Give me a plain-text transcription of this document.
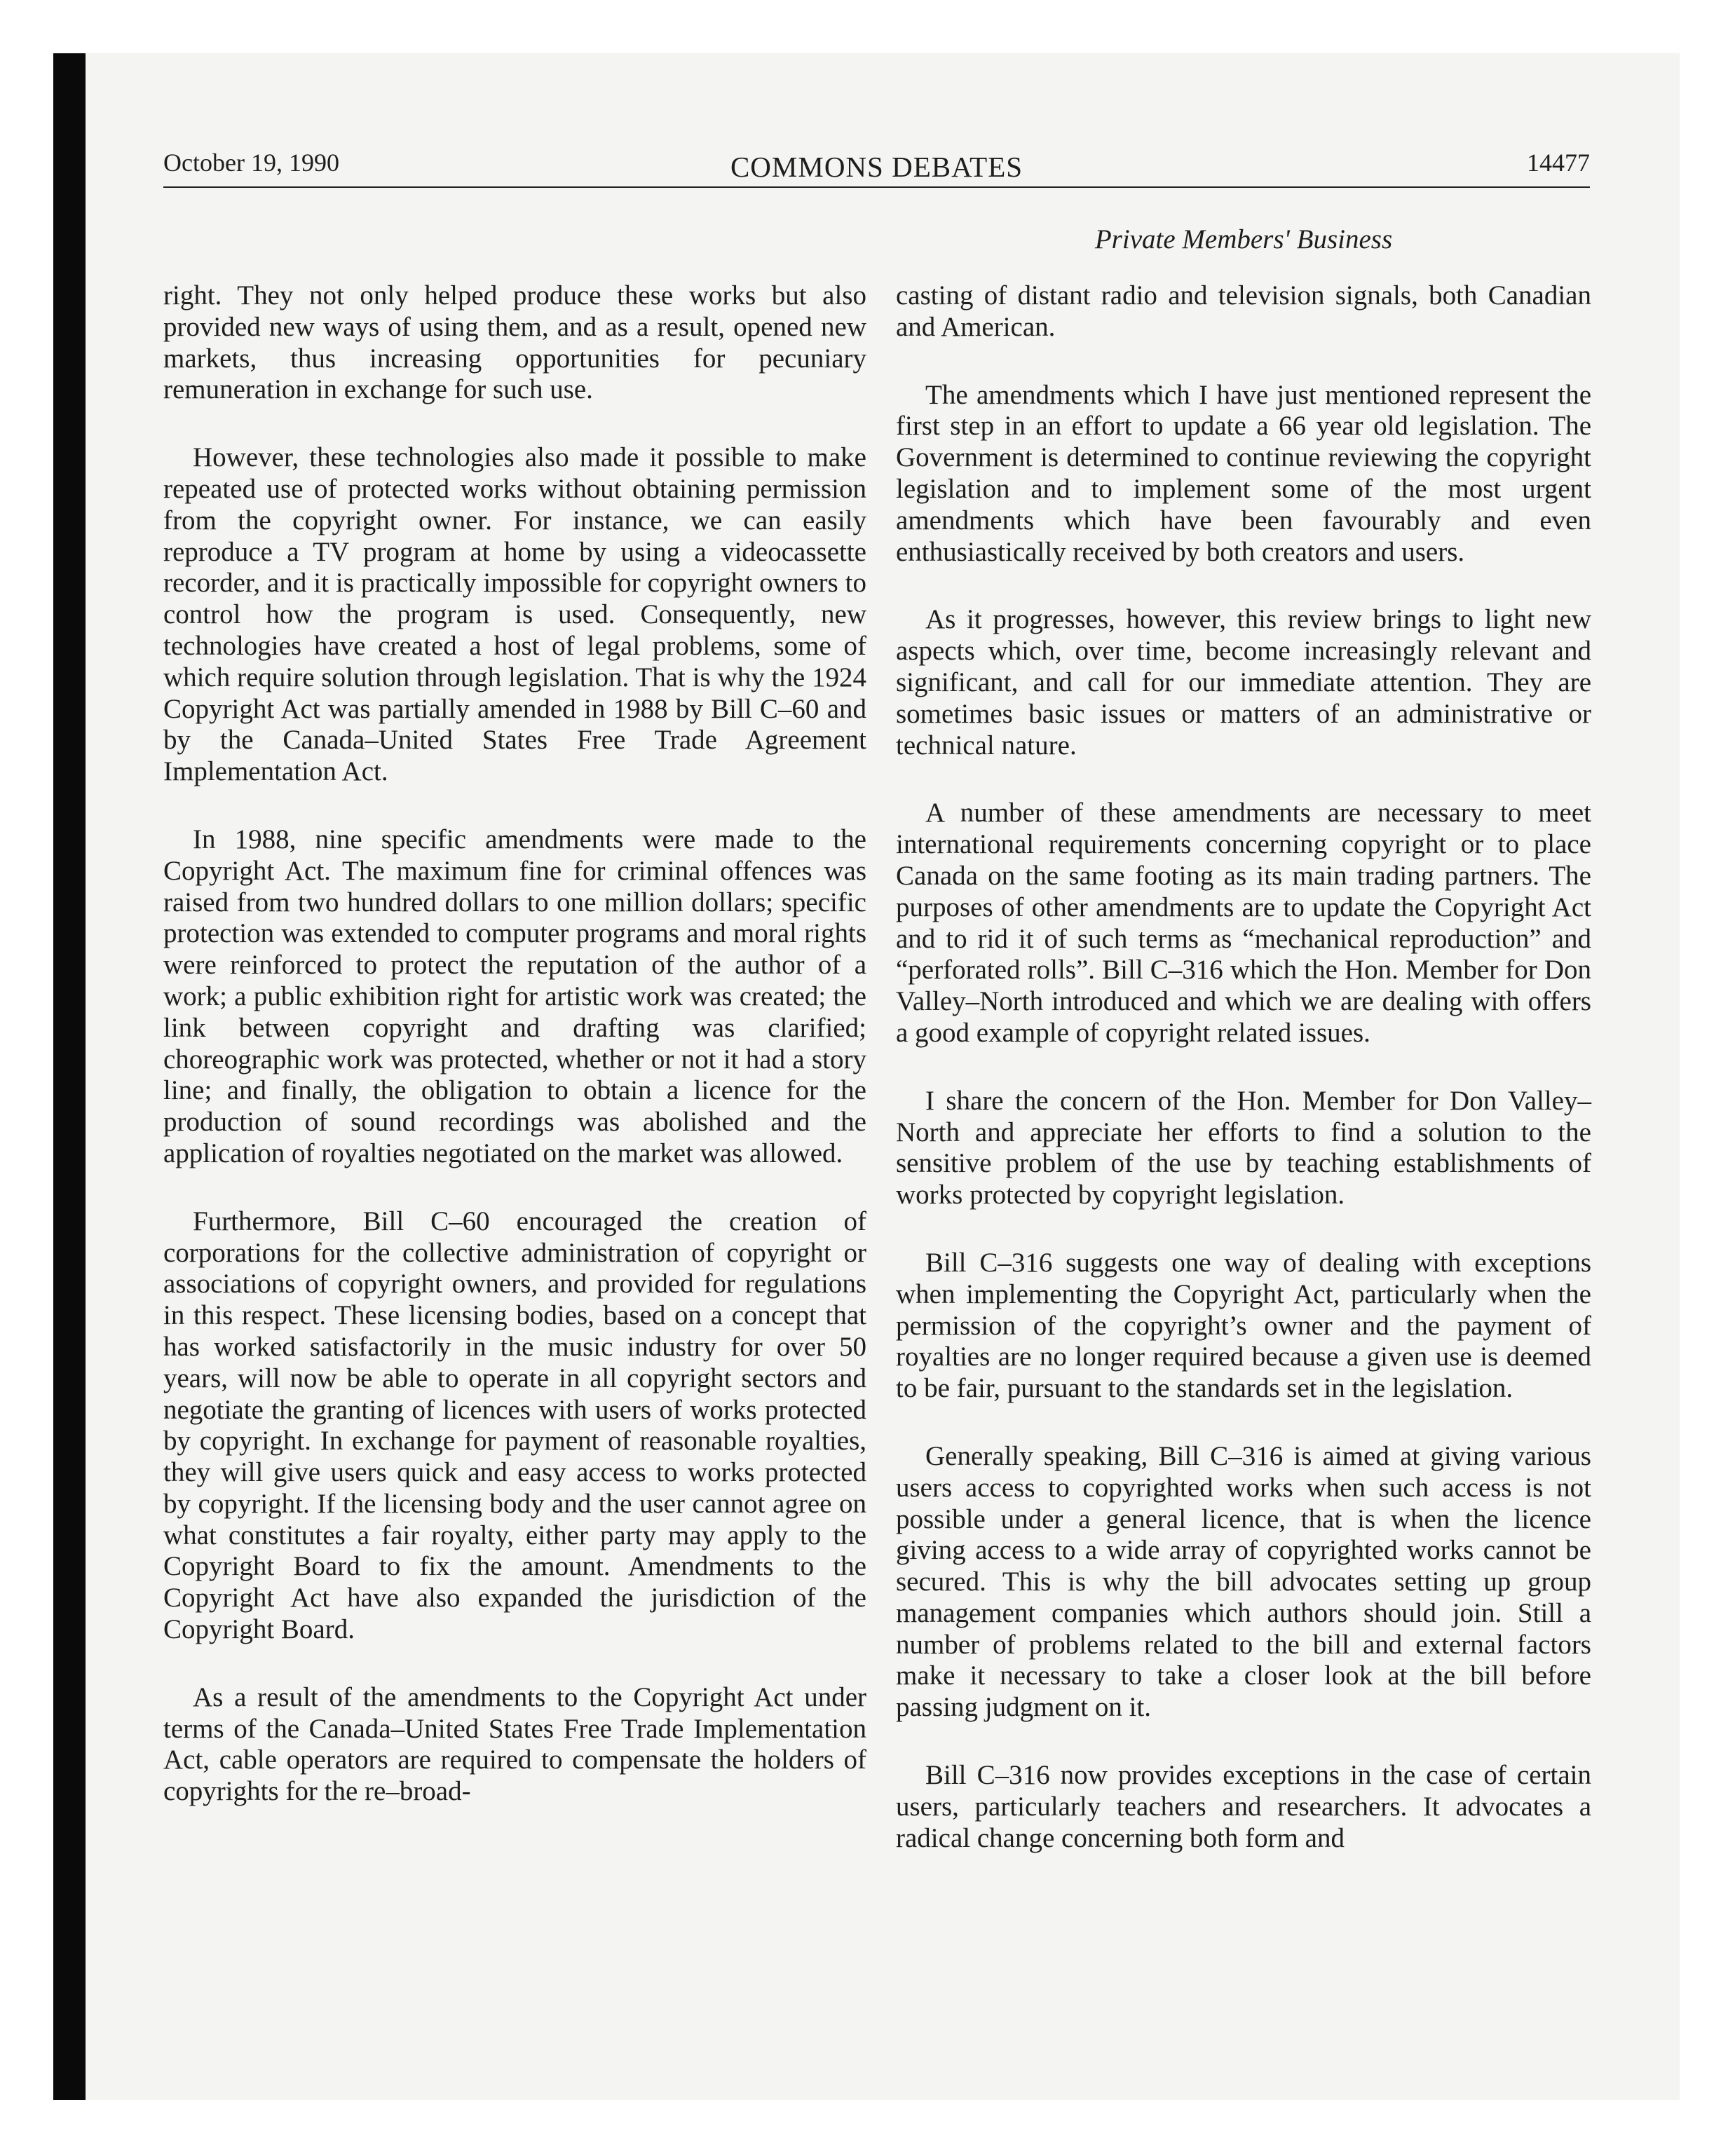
October 19, 1990	COMMONS DEBATES	14477
Private Members' Business

right. They not only helped produce these works but also provided new ways of using them, and as a result, opened new markets, thus increasing opportunities for pecuniary remuneration in exchange for such use.

However, these technologies also made it possible to make repeated use of protected works without obtaining permission from the copyright owner. For instance, we can easily reproduce a TV program at home by using a videocassette recorder, and it is practically impossible for copyright owners to control how the program is used. Consequently, new technologies have created a host of legal problems, some of which require solution through legislation. That is why the 1924 Copyright Act was partially amended in 1988 by Bill C–60 and by the Canada–United States Free Trade Agreement Implementation Act.

In 1988, nine specific amendments were made to the Copyright Act. The maximum fine for criminal offences was raised from two hundred dollars to one million dollars; specific protection was extended to computer programs and moral rights were reinforced to protect the reputation of the author of a work; a public exhibition right for artistic work was created; the link between copyright and drafting was clarified; choreographic work was protected, whether or not it had a story line; and finally, the obligation to obtain a licence for the production of sound recordings was abolished and the application of royalties negotiated on the market was allowed.

Furthermore, Bill C–60 encouraged the creation of corporations for the collective administration of copyright or associations of copyright owners, and provided for regulations in this respect. These licensing bodies, based on a concept that has worked satisfactorily in the music industry for over 50 years, will now be able to operate in all copyright sectors and negotiate the granting of licences with users of works protected by copyright. In exchange for payment of reasonable royalties, they will give users quick and easy access to works protected by copyright. If the licensing body and the user cannot agree on what constitutes a fair royalty, either party may apply to the Copyright Board to fix the amount. Amendments to the Copyright Act have also expanded the jurisdiction of the Copyright Board.

As a result of the amendments to the Copyright Act under terms of the Canada–United States Free Trade Implementation Act, cable operators are required to compensate the holders of copyrights for the re–broad-

casting of distant radio and television signals, both Canadian and American.

The amendments which I have just mentioned represent the first step in an effort to update a 66 year old legislation. The Government is determined to continue reviewing the copyright legislation and to implement some of the most urgent amendments which have been favourably and even enthusiastically received by both creators and users.

As it progresses, however, this review brings to light new aspects which, over time, become increasingly relevant and significant, and call for our immediate attention. They are sometimes basic issues or matters of an administrative or technical nature.

A number of these amendments are necessary to meet international requirements concerning copyright or to place Canada on the same footing as its main trading partners. The purposes of other amendments are to update the Copyright Act and to rid it of such terms as “mechanical reproduction” and “perforated rolls”. Bill C–316 which the Hon. Member for Don Valley–North introduced and which we are dealing with offers a good example of copyright related issues.

I share the concern of the Hon. Member for Don Valley–North and appreciate her efforts to find a solution to the sensitive problem of the use by teaching establishments of works protected by copyright legislation.

Bill C–316 suggests one way of dealing with exceptions when implementing the Copyright Act, particularly when the permission of the copyright’s owner and the payment of royalties are no longer required because a given use is deemed to be fair, pursuant to the standards set in the legislation.

Generally speaking, Bill C–316 is aimed at giving various users access to copyrighted works when such access is not possible under a general licence, that is when the licence giving access to a wide array of copyrighted works cannot be secured. This is why the bill advocates setting up group management companies which authors should join. Still a number of problems related to the bill and external factors make it necessary to take a closer look at the bill before passing judgment on it.

Bill C–316 now provides exceptions in the case of certain users, particularly teachers and researchers. It advocates a radical change concerning both form and
